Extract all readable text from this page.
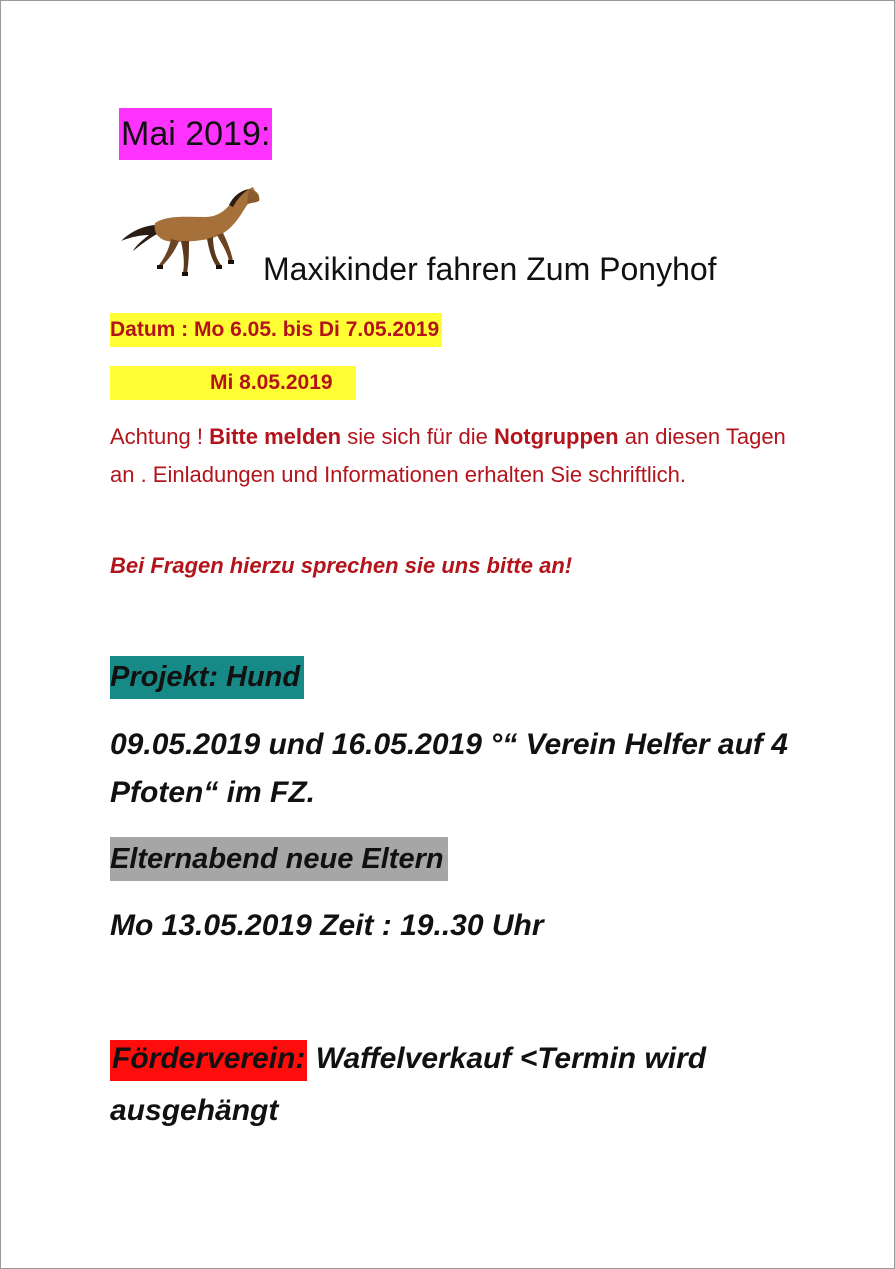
Mai 2019:
Maxikinder fahren Zum Ponyhof
Datum : Mo 6.05. bis Di 7.05.2019
Mi 8.05.2019
Achtung ! Bitte melden sie sich für die Notgruppen an diesen Tagen an . Einladungen und Informationen erhalten Sie schriftlich.
Bei Fragen hierzu sprechen sie uns bitte an!
Projekt: Hund
09.05.2019 und 16.05.2019 °“ Verein Helfer auf 4 Pfoten“ im FZ.
Elternabend neue Eltern
Mo 13.05.2019 Zeit : 19..30 Uhr
Förderverein: Waffelverkauf <Termin wird ausgehängt
